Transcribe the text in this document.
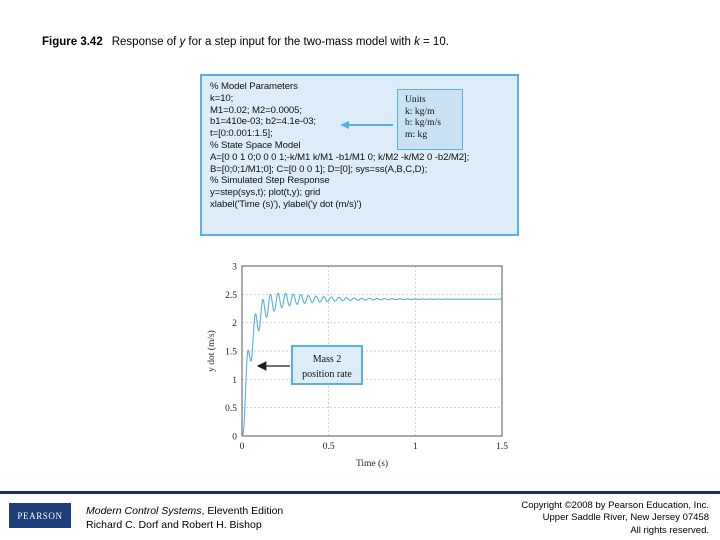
Figure 3.42 Response of y for a step input for the two-mass model with k = 10.
% Model Parameters
k=10;
M1=0.02; M2=0.0005;
b1=410e-03; b2=4.1e-03;
t=[0:0.001:1.5];
% State Space Model
A=[0 0 1 0;0 0 0 1;-k/M1 k/M1 -b1/M1 0; k/M2 -k/M2 0 -b2/M2];
B=[0;0;1/M1;0]; C=[0 0 0 1]; D=[0]; sys=ss(A,B,C,D);
% Simulated Step Response
y=step(sys,t); plot(t,y); grid
xlabel('Time (s)'), ylabel('y dot (m/s)')
Units
k: kg/m
b: kg/m/s
m: kg
0	0.5	1	1.5
0
0.5
1
1.5
2
2.5
3
Time (s)
y dot (m/s)	Mass 2
position rate
PEARSON	Modern Control Systems, Eleventh Edition
Richard C. Dorf and Robert H. Bishop
Copyright ©2008 by Pearson Education, Inc.
Upper Saddle River, New Jersey 07458
All rights reserved.
